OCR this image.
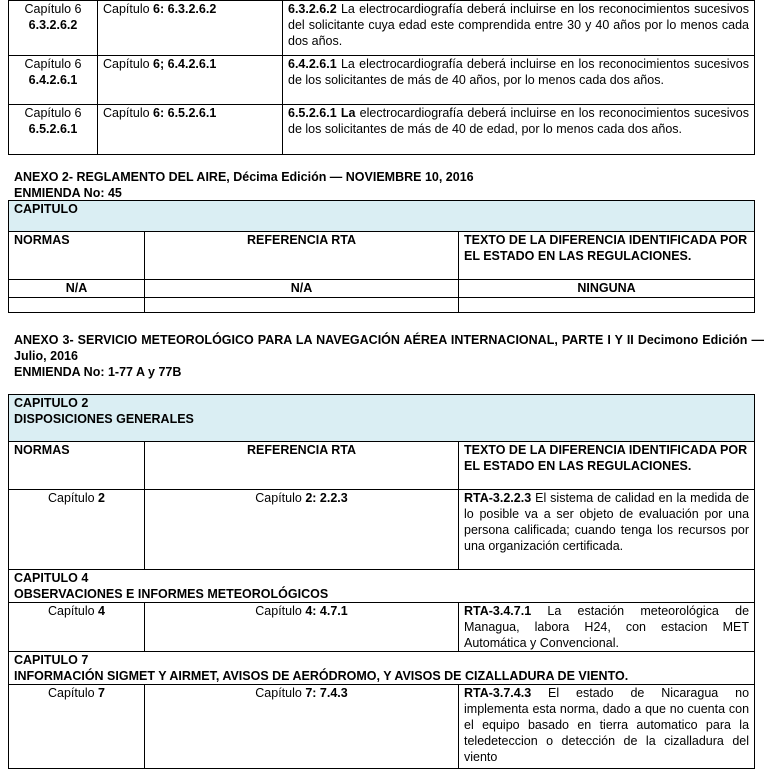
Capítulo 6
6.3.2.6.2	Capítulo 6: 6.3.2.6.2	6.3.2.6.2 La electrocardiografía deberá incluirse en los reconocimientos sucesivos del solicitante cuya edad este comprendida entre 30 y 40 años por lo menos cada dos años.

Capítulo 6
6.4.2.6.1	Capítulo 6; 6.4.2.6.1	6.4.2.6.1 La electrocardiografía deberá incluirse en los reconocimientos sucesivos de los solicitantes de más de 40 años, por lo menos cada dos años.

Capítulo 6
6.5.2.6.1	Capítulo 6: 6.5.2.6.1	6.5.2.6.1 La electrocardiografía deberá incluirse en los reconocimientos sucesivos de los solicitantes de más de 40 de edad, por lo menos cada dos años.
ANEXO 2- REGLAMENTO DEL AIRE, Décima Edición — NOVIEMBRE 10, 2016
ENMIENDA No: 45
CAPITULO		
NORMAS	REFERENCIA RTA	TEXTO DE LA DIFERENCIA IDENTIFICADA POR EL ESTADO EN LAS REGULACIONES.
N/A	N/A	NINGUNA

ANEXO 3- SERVICIO METEOROLÓGICO PARA LA NAVEGACIÓN AÉREA INTERNACIONAL, PARTE I Y II Decimono Edición — Julio, 2016
ENMIENDA No: 1-77 A y 77B
CAPITULO 2
DISPOSICIONES GENERALES		

NORMAS	REFERENCIA RTA	TEXTO DE LA DIFERENCIA IDENTIFICADA POR EL ESTADO EN LAS REGULACIONES.
Capítulo 2	Capítulo 2: 2.2.3	RTA-3.2.2.3 El sistema de calidad en la medida de lo posible va a ser objeto de evaluación por una persona calificada; cuando tenga los recursos por una organización certificada.

CAPITULO 4
OBSERVACIONES E INFORMES METEOROLÓGICOS		

Capítulo 4	Capítulo 4: 4.7.1	RTA-3.4.7.1 La estación meteorológica de Managua, labora H24, con estacion MET Automática y Convencional.

CAPITULO 7
INFORMACIÓN SIGMET Y AIRMET, AVISOS DE AERÓDROMO, Y AVISOS DE CIZALLADURA DE VIENTO.		

Capítulo 7	Capítulo 7: 7.4.3	RTA-3.7.4.3 El estado de Nicaragua no implementa esta norma, dado a que no cuenta con el equipo basado en tierra automatico para la teledeteccion o detección de la cizalladura del viento
